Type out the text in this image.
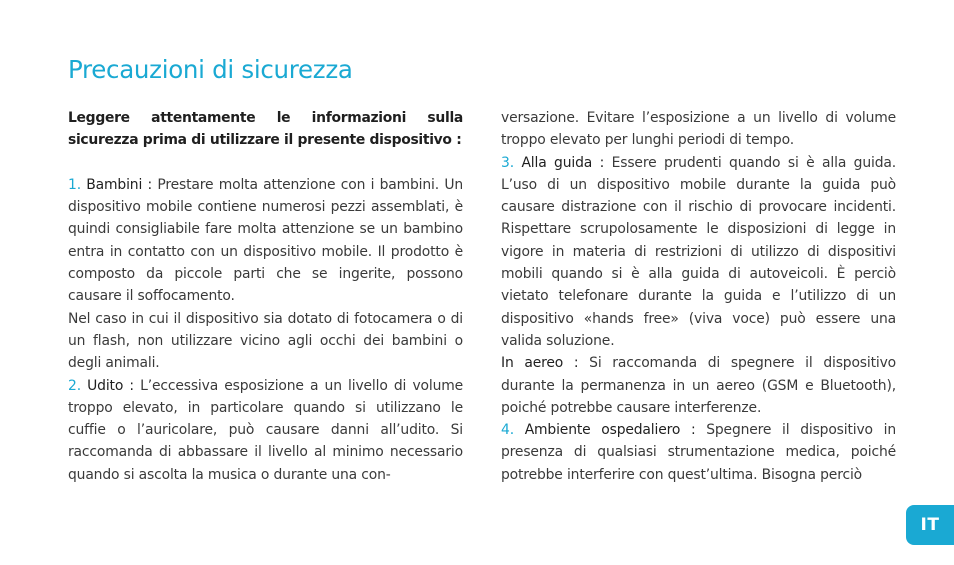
Precauzioni di sicurezza

Leggere attentamente le informazioni sulla sicurezza prima di utilizzare il presente dispositivo :

1. Bambini : Prestare molta attenzione con i bambini. Un dispositivo mobile contiene numerosi pezzi assemblati, è quindi consigliabile fare molta attenzione se un bambino entra in contatto con un dispositivo mobile. Il prodotto è composto da piccole parti che se ingerite, possono causare il soffocamento.

Nel caso in cui il dispositivo sia dotato di fotocamera o di un flash, non utilizzare vicino agli occhi dei bambini o degli animali.

2. Udito : L’eccessiva esposizione a un livello di volume troppo elevato, in particolare quando si utilizzano le cuffie o l’auricolare, può causare danni all’udito. Si raccomanda di abbassare il livello al minimo necessario quando si ascolta la musica o durante una con-

versazione. Evitare l’esposizione a un livello di volume troppo elevato per lunghi periodi di tempo.

3. Alla guida : Essere prudenti quando si è alla guida. L’uso di un dispositivo mobile durante la guida può causare distrazione con il rischio di provocare incidenti. Rispettare scrupolosamente le disposizioni di legge in vigore in materia di restrizioni di utilizzo di dispositivi mobili quando si è alla guida di autoveicoli. È perciò vietato telefonare durante la guida e l’utilizzo di un dispositivo «hands free» (viva voce) può essere una valida soluzione.

In aereo : Si raccomanda di spegnere il dispositivo durante la permanenza in un aereo (GSM e Bluetooth), poiché potrebbe causare interferenze.

4. Ambiente ospedaliero : Spegnere il dispositivo in presenza di qualsiasi strumentazione medica, poiché potrebbe interferire con quest’ultima. Bisogna perciò

IT
